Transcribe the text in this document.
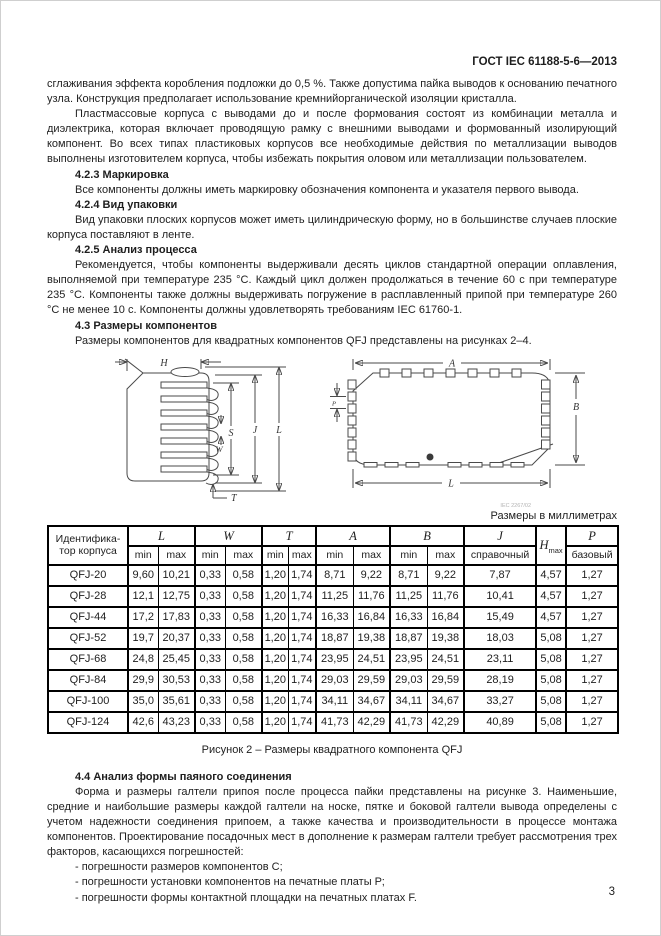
ГОСТ IEC 61188-5-6—2013

сглаживания эффекта коробления подложки до 0,5 %. Также допустима пайка выводов к основанию печатного узла. Конструкция предполагает использование кремнийорганической изоляции кристалла.

Пластмассовые корпуса с выводами до и после формования состоят из комбинации металла и диэлектрика, которая включает проводящую рамку с внешними выводами и формованный изолирующий компонент. Во всех типах пластиковых корпусов все необходимые действия по металлизации выводов выполнены изготовителем корпуса, чтобы избежать покрытия оловом или металлизации пользователем.

4.2.3 Маркировка

Все компоненты должны иметь маркировку обозначения компонента и указателя первого вывода.

4.2.4 Вид упаковки

Вид упаковки плоских корпусов может иметь цилиндрическую форму, но в большинстве случаев плоские корпуса поставляют в ленте.

4.2.5 Анализ процесса

Рекомендуется, чтобы компоненты выдерживали десять циклов стандартной операции оплавления, выполняемой при температуре 235 °С. Каждый цикл должен продолжаться в течение 60 с при температуре 235 °С. Компоненты также должны выдерживать погружение в расплавленный припой при температуре 260 °С не менее 10 с. Компоненты должны удовлетворять требованиям IEC 61760-1.

4.3 Размеры компонентов

Размеры компонентов для квадратных компонентов QFJ представлены на рисунках 2–4.

H
S J L
W
T
A
B
L
P
IEC 2267/02
Размеры в миллиметрах
Идентифика-тор корпуса	L		W		T		A		B		J	$H_{max}$	P
	min	max	min	max	min	max	min	max	min	max	справочный		базовый
QFJ-20	9,60	10,21	0,33	0,58	1,20	1,74	8,71	9,22	8,71	9,22	7,87	4,57	1,27
QFJ-28	12,1	12,75	0,33	0,58	1,20	1,74	11,25	11,76	11,25	11,76	10,41	4,57	1,27
QFJ-44	17,2	17,83	0,33	0,58	1,20	1,74	16,33	16,84	16,33	16,84	15,49	4,57	1,27
QFJ-52	19,7	20,37	0,33	0,58	1,20	1,74	18,87	19,38	18,87	19,38	18,03	5,08	1,27
QFJ-68	24,8	25,45	0,33	0,58	1,20	1,74	23,95	24,51	23,95	24,51	23,11	5,08	1,27
QFJ-84	29,9	30,53	0,33	0,58	1,20	1,74	29,03	29,59	29,03	29,59	28,19	5,08	1,27
QFJ-100	35,0	35,61	0,33	0,58	1,20	1,74	34,11	34,67	34,11	34,67	33,27	5,08	1,27
QFJ-124	42,6	43,23	0,33	0,58	1,20	1,74	41,73	42,29	41,73	42,29	40,89	5,08	1,27

Рисунок 2 – Размеры квадратного компонента QFJ

4.4 Анализ формы паяного соединения

Форма и размеры галтели припоя после процесса пайки представлены на рисунке 3. Наименьшие, средние и наибольшие размеры каждой галтели на носке, пятке и боковой галтели вывода определены с учетом надежности соединения припоем, а также качества и производительности в процессе монтажа компонентов. Проектирование посадочных мест в дополнение к размерам галтели требует рассмотрения трех факторов, касающихся погрешностей:

- погрешности размеров компонентов С;

- погрешности установки компонентов на печатные платы Р;

- погрешности формы контактной площадки на печатных платах F.	3
